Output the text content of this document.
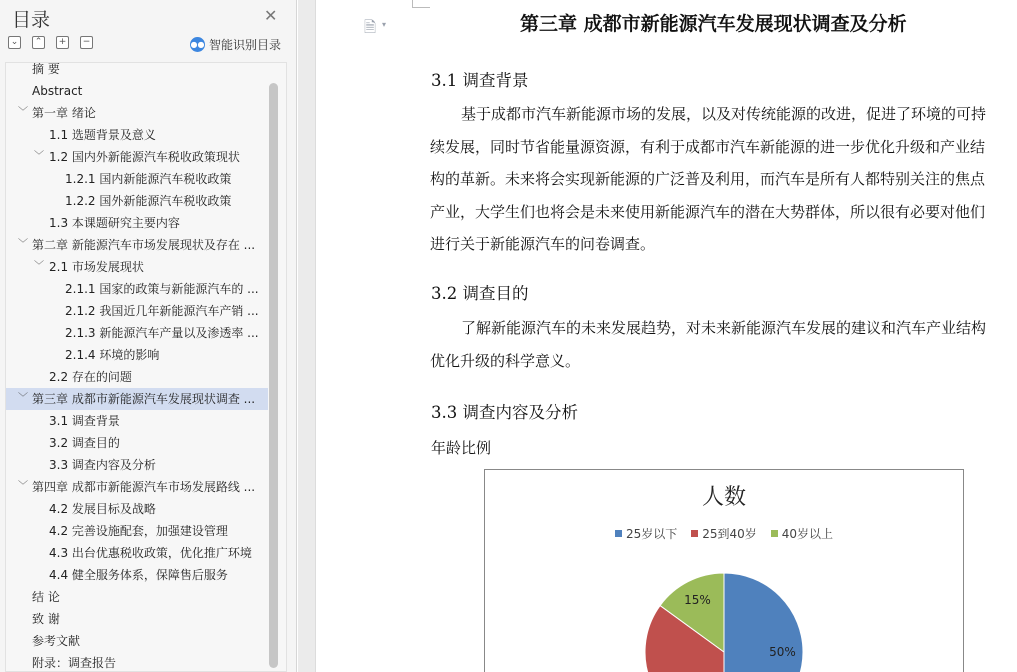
目录	✕
⌄	⌃	+	−	●● 智能识别目录
摘 要
Abstract
﹀ 第一章 绪论
1.1 选题背景及意义
﹀ 1.2 国内外新能源汽车税收政策现状
1.2.1 国内新能源汽车税收政策
1.2.2 国外新能源汽车税收政策
1.3 本课题研究主要内容
﹀ 第二章 新能源汽车市场发展现状及存在 ...
﹀ 2.1 市场发展现状
2.1.1 国家的政策与新能源汽车的 ...
2.1.2 我国近几年新能源汽车产销 ...
2.1.3 新能源汽车产量以及渗透率 ...
2.1.4 环境的影响
2.2 存在的问题
﹀ 第三章 成都市新能源汽车发展现状调查 ...
3.1 调查背景
3.2 调查目的
3.3 调查内容及分析
﹀ 第四章 成都市新能源汽车市场发展路线 ...
4.2 发展目标及战略
4.2 完善设施配套，加强建设管理
4.3 出台优惠税收政策，优化推广环境
4.4 健全服务体系，保障售后服务
结 论
致 谢
参考文献
附录：调查报告
🗎 ▾	第三章 成都市新能源汽车发展现状调查及分析
3.1 调查背景
基于成都市汽车新能源市场的发展，以及对传统能源的改进，促进了环境的可持
续发展，同时节省能量源资源，有利于成都市汽车新能源的进一步优化升级和产业结
构的革新。未来将会实现新能源的广泛普及利用，而汽车是所有人都特别关注的焦点
产业，大学生们也将会是未来使用新能源汽车的潜在大势群体，所以很有必要对他们
进行关于新能源汽车的问卷调查。
3.2 调查目的
了解新能源汽车的未来发展趋势，对未来新能源汽车发展的建议和汽车产业结构
优化升级的科学意义。
3.3 调查内容及分析
年龄比例
人数
25岁以下 25到40岁 40岁以上
50%
15%
